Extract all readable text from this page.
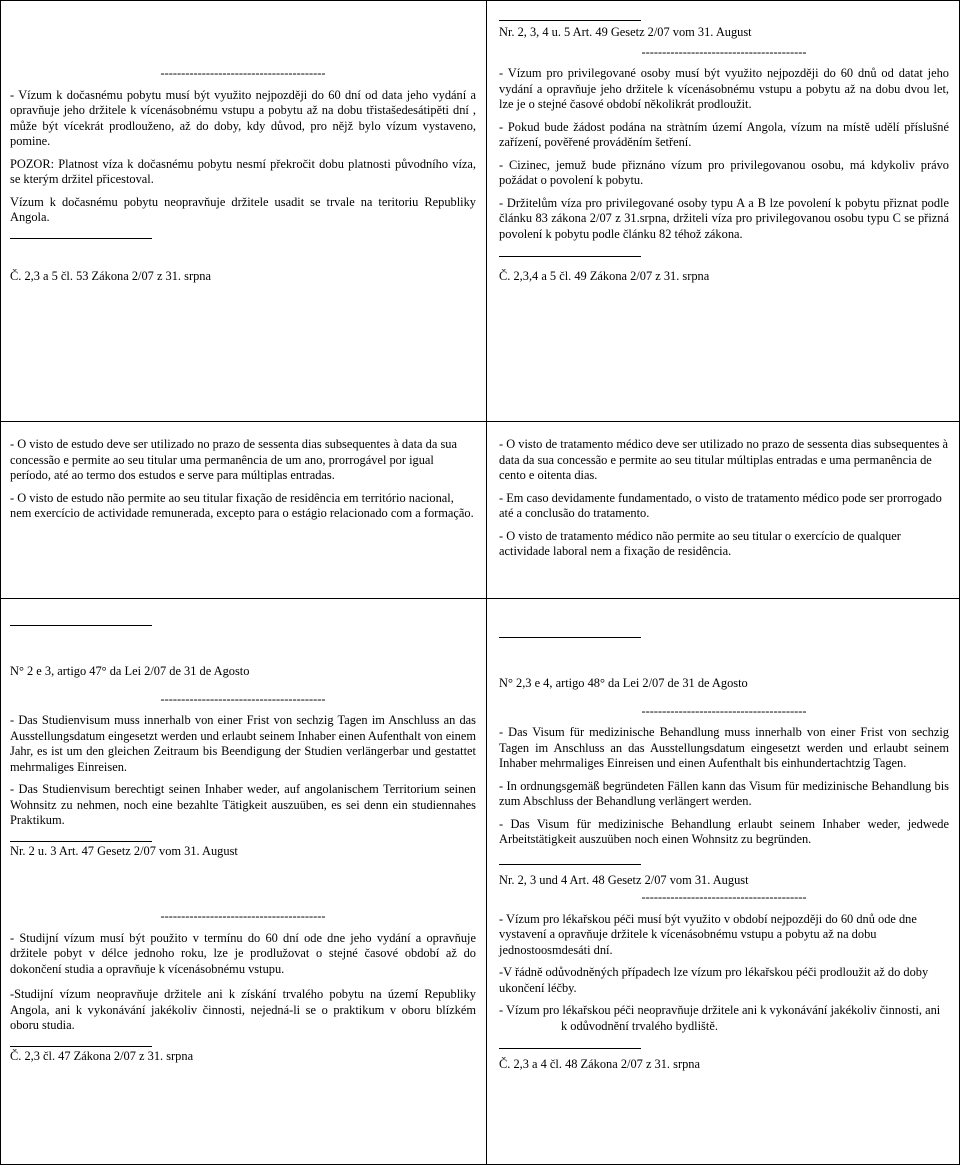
----------------------------------------

- Vízum k dočasnému pobytu musí být využito nejpozději do 60 dní od data jeho vydání a opravňuje jeho držitele k vícenásobnému vstupu a pobytu až na dobu třistašedesátipěti dní , může být vícekrát prodlouženo, až do doby, kdy důvod, pro nějž bylo vízum vystaveno, pomine.

POZOR: Platnost víza k dočasnému pobytu nesmí překročit dobu platnosti původního víza, se kterým držitel přicestoval.

Vízum k dočasnému pobytu neopravňuje držitele usadit se trvale na teritoriu Republiky Angola.

Č. 2,3 a 5 čl. 53 Zákona 2/07 z 31. srpna

Nr. 2, 3, 4 u. 5 Art. 49 Gesetz 2/07 vom 31. August

----------------------------------------

- Vízum pro privilegované osoby musí být využito nejpozději do 60 dnů od datat jeho vydání a opravňuje jeho držitele k vícenásobnému vstupu a pobytu až na dobu dvou let, lze je o stejné časové období několikrát prodloužit.

- Pokud bude žádost podána na stràtním území Angola, vízum na místě udělí příslušné zařízení, pověřené prováděním šetření.

- Cizinec, jemuž bude přiznáno vízum pro privilegovanou osobu, má kdykoliv právo požádat o povolení k pobytu.

- Držitelům víza pro privilegované osoby typu A a B lze povolení k pobytu přiznat podle článku 83 zákona 2/07 z 31.srpna, držiteli víza pro privilegovanou osobu typu C se přizná povolení k pobytu podle článku 82 téhož zákona.

Č. 2,3,4 a 5 čl. 49 Zákona 2/07 z 31. srpna

- O visto de estudo deve ser utilizado no prazo de sessenta dias subsequentes à data da sua concessão e permite ao seu titular uma permanência de um ano, prorrogável por igual período, até ao termo dos estudos e serve para múltiplas entradas.

- O visto de estudo não permite ao seu titular fixação de residência em território nacional, nem exercício de actividade remunerada, excepto para o estágio relacionado com a formação.

- O visto de tratamento médico deve ser utilizado no prazo de sessenta dias subsequentes à data da sua concessão e permite ao seu titular múltiplas entradas e uma permanência de cento e oitenta dias.

- Em caso devidamente fundamentado, o visto de tratamento médico pode ser prorrogado até a conclusão do tratamento.

- O visto de tratamento médico não permite ao seu titular o exercício de qualquer actividade laboral nem a fixação de residência.

N° 2 e 3, artigo 47° da Lei 2/07 de 31 de Agosto

----------------------------------------

- Das Studienvisum muss innerhalb von einer Frist von sechzig Tagen im Anschluss an das Ausstellungsdatum eingesetzt werden und erlaubt seinem Inhaber einen Aufenthalt von einem Jahr, es ist um den gleichen Zeitraum bis Beendigung der Studien verlängerbar und gestattet mehrmaliges Einreisen.

- Das Studienvisum berechtigt seinen Inhaber weder, auf angolanischem Territorium seinen Wohnsitz zu nehmen, noch eine bezahlte Tätigkeit auszuüben, es sei denn ein studiennahes Praktikum.

Nr. 2 u. 3 Art. 47 Gesetz 2/07 vom 31. August

----------------------------------------

- Studijní vízum musí být použito v termínu do 60 dní ode dne jeho vydání a opravňuje držitele pobyt v délce jednoho roku, lze je prodlužovat o stejné časové období až do dokončení studia a opravňuje k vícenásobnému vstupu.

-Studijní vízum neopravňuje držitele ani k získání trvalého pobytu na území Republiky Angola, ani k vykonávání jakékoliv činnosti, nejedná-li se o praktikum v oboru blízkém oboru studia.

Č. 2,3 čl. 47 Zákona 2/07 z 31. srpna

N° 2,3 e 4, artigo 48° da Lei 2/07 de 31 de Agosto

----------------------------------------

- Das Visum für medizinische Behandlung muss innerhalb von einer Frist von sechzig Tagen im Anschluss an das Ausstellungsdatum eingesetzt werden und erlaubt seinem Inhaber mehrmaliges Einreisen und einen Aufenthalt bis einhundertachtzig Tagen.

- In ordnungsgemäß begründeten Fällen kann das Visum für medizinische Behandlung bis zum Abschluss der Behandlung verlängert werden.

- Das Visum für medizinische Behandlung erlaubt seinem Inhaber weder, jedwede Arbeitstätigkeit auszuüben noch einen Wohnsitz zu begründen.

Nr. 2, 3 und 4 Art. 48 Gesetz 2/07 vom 31. August

----------------------------------------

- Vízum pro lékařskou péči musí být využito v období nejpozději do 60 dnů ode dne vystavení a opravňuje držitele k vícenásobnému vstupu a pobytu až na dobu jednostoosmdesáti dní.

-V řádně odůvodněných případech lze vízum pro lékařskou péči prodloužit až do doby ukončení léčby.

- Vízum pro lékařskou péči neopravňuje držitele ani k vykonávání jakékoliv činnosti, ani k odůvodnění trvalého bydliště.

Č. 2,3 a 4 čl. 48 Zákona 2/07 z 31. srpna
